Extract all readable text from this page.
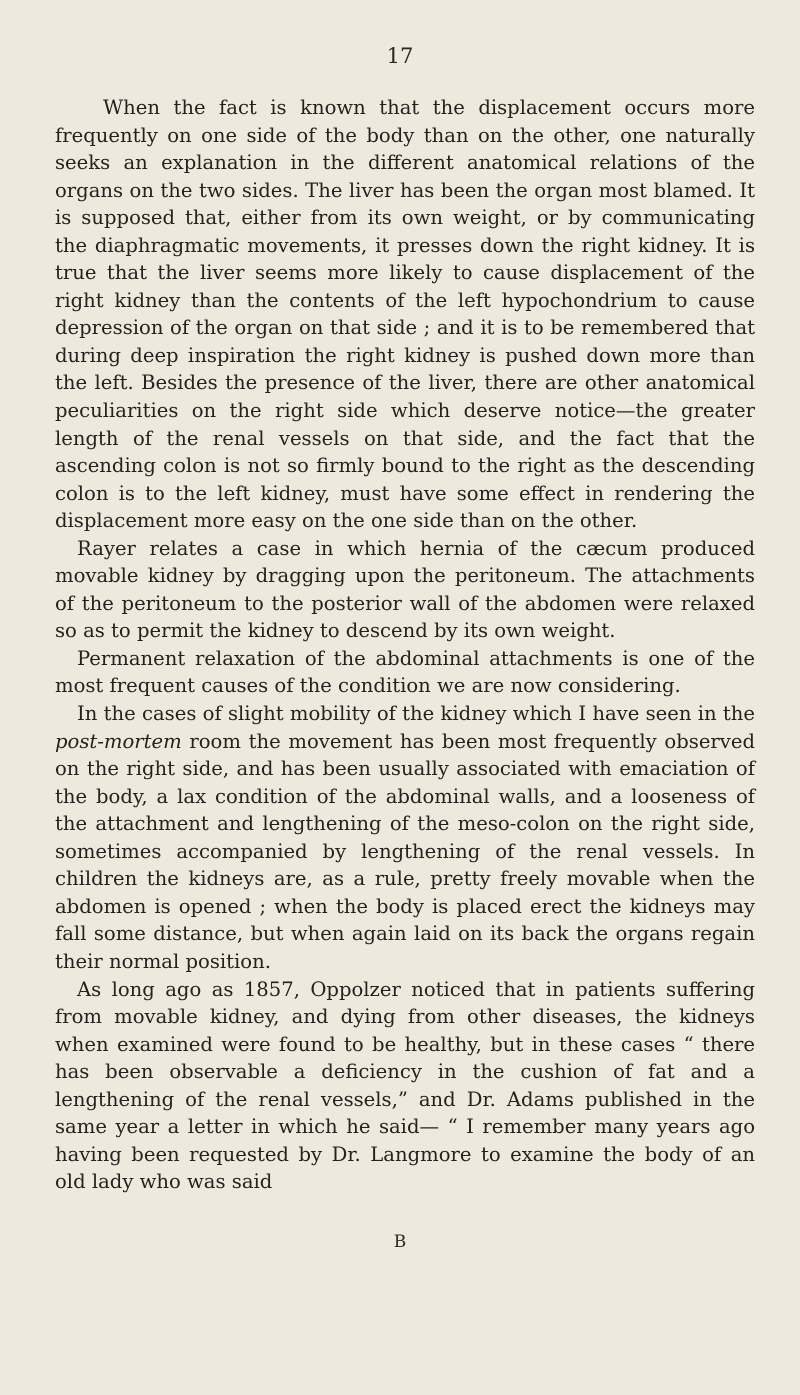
17

When the fact is known that the displacement occurs more frequently on one side of the body than on the other, one naturally seeks an explanation in the different anatomical relations of the organs on the two sides. The liver has been the organ most blamed. It is supposed that, either from its own weight, or by communicating the diaphragmatic movements, it presses down the right kidney. It is true that the liver seems more likely to cause displacement of the right kidney than the contents of the left hypochondrium to cause depression of the organ on that side ; and it is to be remembered that during deep inspiration the right kidney is pushed down more than the left. Besides the presence of the liver, there are other anatomical peculiarities on the right side which deserve notice—the greater length of the renal vessels on that side, and the fact that the ascending colon is not so firmly bound to the right as the descending colon is to the left kidney, must have some effect in rendering the displacement more easy on the one side than on the other.

Rayer relates a case in which hernia of the cæcum produced movable kidney by dragging upon the peritoneum. The attachments of the peritoneum to the posterior wall of the abdomen were relaxed so as to permit the kidney to descend by its own weight.

Permanent relaxation of the abdominal attachments is one of the most frequent causes of the condition we are now considering.

In the cases of slight mobility of the kidney which I have seen in the post-mortem room the movement has been most frequently observed on the right side, and has been usually associated with emaciation of the body, a lax condition of the abdominal walls, and a looseness of the attachment and lengthening of the meso-colon on the right side, sometimes accompanied by lengthening of the renal vessels. In children the kidneys are, as a rule, pretty freely movable when the abdomen is opened ; when the body is placed erect the kidneys may fall some distance, but when again laid on its back the organs regain their normal position.

As long ago as 1857, Oppolzer noticed that in patients suffering from movable kidney, and dying from other diseases, the kidneys when examined were found to be healthy, but in these cases “ there has been observable a deficiency in the cushion of fat and a lengthening of the renal vessels,” and Dr. Adams published in the same year a letter in which he said— “ I remember many years ago having been requested by Dr. Langmore to examine the body of an old lady who was said

B
